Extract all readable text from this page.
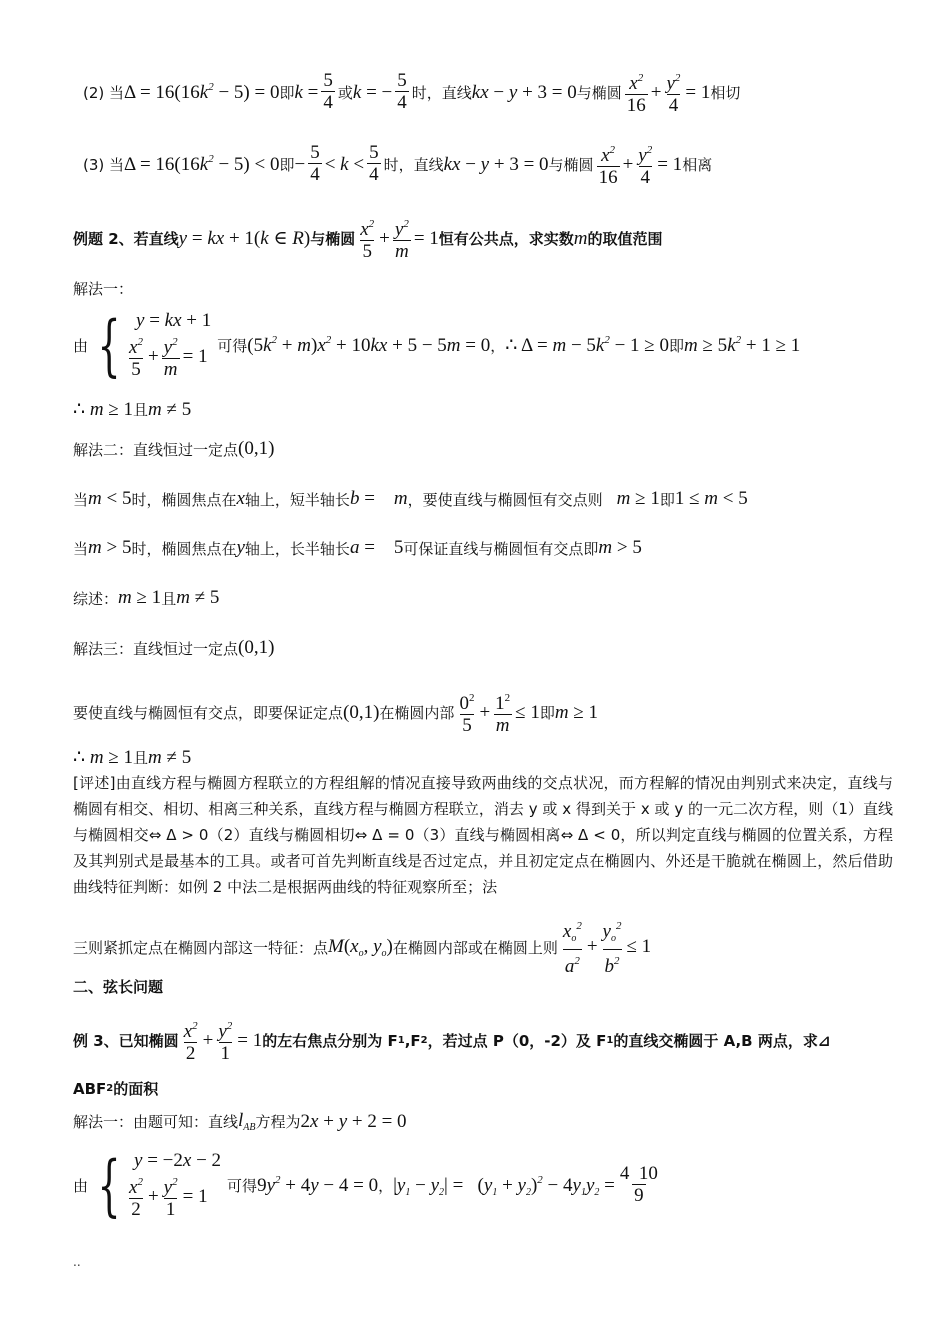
(2) 当 $\Delta = 16(16k^2 - 5) = 0$ 即 $k = \frac{5}{4}$ 或 k = − $\frac{5}{4}$ 时，直线 kx − y + 3 = 0 与椭圆 $\frac{x^2}{16} + \frac{y^2}{4} = 1$ 相切
(3) 当 $\Delta = 16(16k^2 - 5) < 0$ 即 − $\frac{5}{4} < k < \frac{5}{4}$ 时，直线 kx − y + 3 = 0 与椭圆 $\frac{x^2}{16} + \frac{y^2}{4} = 1$ 相离
例题 2、若直线 y = kx + 1(k ∈ R) 与椭圆 $\frac{x^2}{5} + \frac{y^2}{m} = 1$ 恒有公共点，求实数 m 的取值范围
解法一：
由 { y = kx + 1
$\frac{x^2}{5} + \frac{y^2}{m} = 1$ 可得 $(5k^2 + m)x^2 + 10kx + 5 - 5m = 0$ ， ∴ $\Delta = m - 5k^2 - 1 \ge 0$ 即 $m \ge 5k^2 + 1 \ge 1$
∴ m ≥ 1 且 m ≠ 5
解法二：直线恒过一定点 (0,1)
当 m < 5 时，椭圆焦点在 x 轴上，短半轴长 b =    m ，要使直线与椭圆恒有交点则 m ≥ 1 即 1 ≤ m < 5
当 m > 5 时，椭圆焦点在 y 轴上，长半轴长 a =    5 可保证直线与椭圆恒有交点即 m > 5
综述： m ≥ 1 且 m ≠ 5
解法三：直线恒过一定点 (0,1)
要使直线与椭圆恒有交点，即要保证定点 (0,1) 在椭圆内部 $\frac{0^2}{5} + \frac{1^2}{m} \le 1$ 即 m ≥ 1
∴ m ≥ 1 且 m ≠ 5
[评述]由直线方程与椭圆方程联立的方程组解的情况直接导致两曲线的交点状况，而方程解的情况由判别式来决定，直线与椭圆有相交、相切、相离三种关系，直线方程与椭圆方程联立，消去 y 或 x 得到关于 x 或 y 的一元二次方程，则（1）直线与椭圆相交⇔ Δ > 0（2）直线与椭圆相切⇔ Δ = 0（3）直线与椭圆相离⇔ Δ < 0，所以判定直线与椭圆的位置关系，方程及其判别式是最基本的工具。或者可首先判断直线是否过定点，并且初定定点在椭圆内、外还是干脆就在椭圆上，然后借助曲线特征判断：如例 2 中法二是根据两曲线的特征观察所至；法
三则紧抓定点在椭圆内部这一特征：点 $M(x_o$, $y_o$) 在椭圆内部或在椭圆上则 $\frac{x_o^2}{a^2} + \frac{y_o^2}{b^2} \le 1$
二、弦长问题
例 3、已知椭圆 $\frac{x^2}{2} + \frac{y^2}{1} = 1$ 的左右焦点分别为 F 1 ,F 2 ，若过点 P（0，-2）及 F 1 的直线交椭圆于 A,B 两点，求⊿
ABF 2 的面积
解法一：由题可知：直线 $l_{AB}$ 方程为 2x + y + 2 = 0
由 { y = −2x − 2
$\frac{x^2}{2} + \frac{y^2}{1} = 1$ 可得 $9y^2 + 4y - 4 = 0$ ， $|y_1 - y_2| = (y_1 + y_2)^2 - 4y_1y_2 = \frac{4 10}{9}$
..
